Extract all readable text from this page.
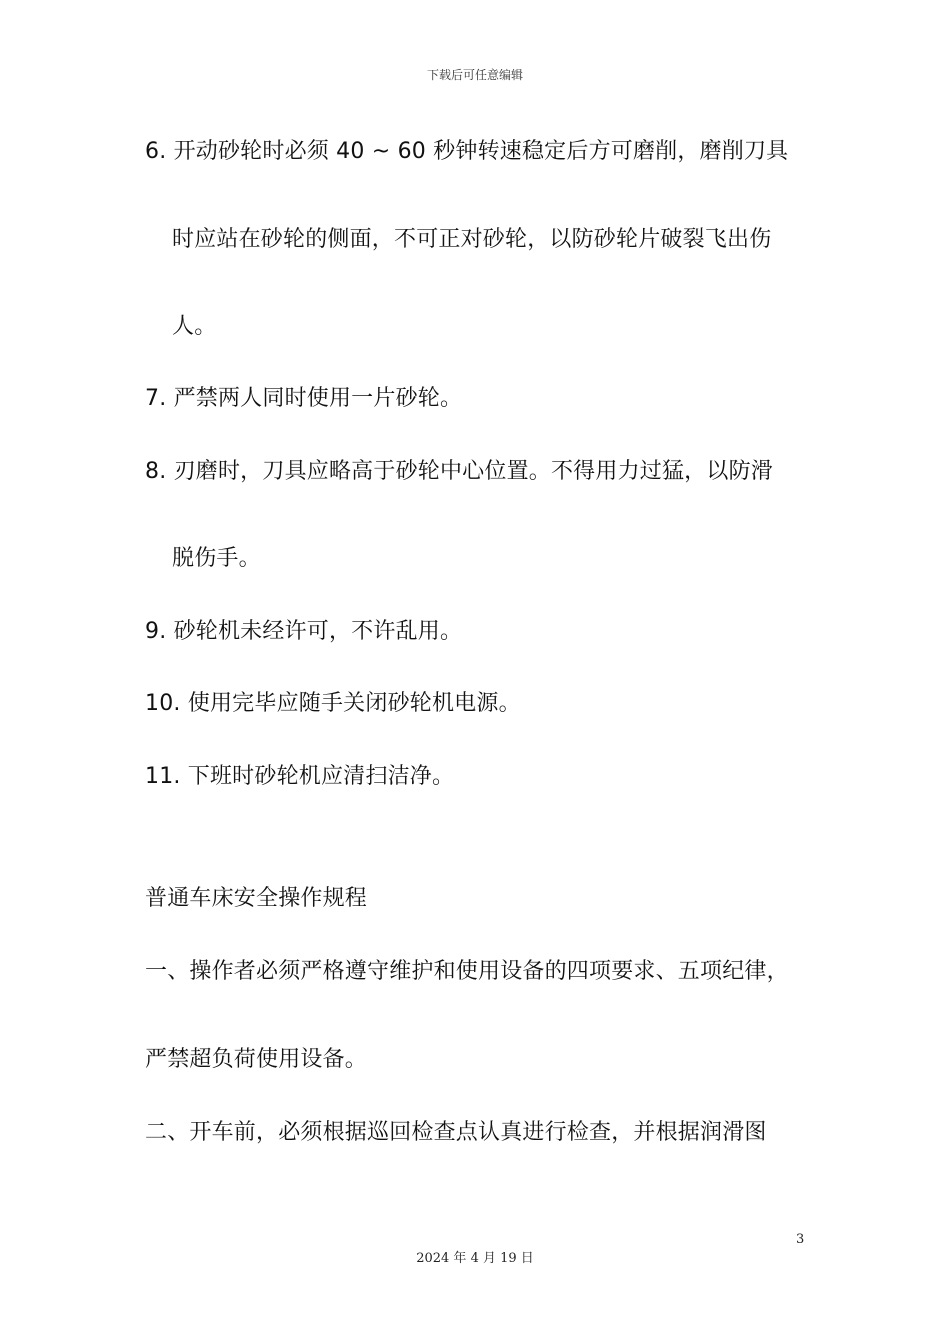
下载后可任意编辑
6. 开动砂轮时必须 40 ~ 60 秒钟转速稳定后方可磨削，磨削刀具
时应站在砂轮的侧面，不可正对砂轮，以防砂轮片破裂飞出伤
人。
7. 严禁两人同时使用一片砂轮。
8. 刃磨时，刀具应略高于砂轮中心位置。不得用力过猛，以防滑
脱伤手。
9. 砂轮机未经许可，不许乱用。
10. 使用完毕应随手关闭砂轮机电源。
11. 下班时砂轮机应清扫洁净。
普通车床安全操作规程
一、操作者必须严格遵守维护和使用设备的四项要求、五项纪律，
严禁超负荷使用设备。
二、开车前，必须根据巡回检查点认真进行检查，并根据润滑图
3
2024 年 4 月 19 日
